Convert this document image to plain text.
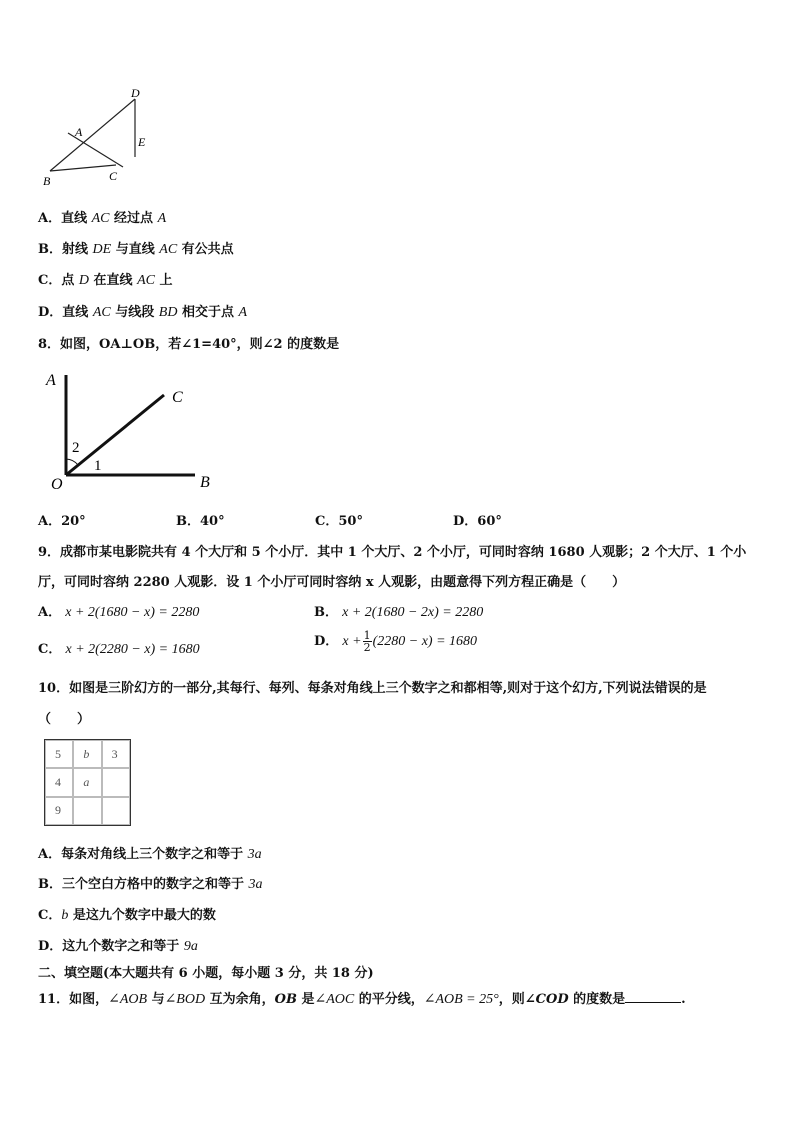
D
A
E
B	C
A．直线 AC 经过点 A
B．射线 DE 与直线 AC 有公共点
C．点 D 在直线 AC 上
D．直线 AC 与线段 BD 相交于点 A
8．如图，OA⊥OB，若∠1=40°，则∠2 的度数是
A
C
2
1
O	B
A．20°	B．40°	C．50°	D．60°
9．成都市某电影院共有 4 个大厅和 5 个小厅．其中 1 个大厅、2 个小厅，可同时容纳 1680 人观影；2 个大厅、1 个小
厅，可同时容纳 2280 人观影．设 1 个小厅可同时容纳 x 人观影，由题意得下列方程正确是（　　）
A． x + 2(1680 − x) = 2280	B． x + 2(1680 − 2x) = 2280
C． x + 2(2280 − x) = 1680
D． $x + \frac{1}{2} (2280 - x) = 1680$
10．如图是三阶幻方的一部分,其每行、每列、每条对角线上三个数字之和都相等,则对于这个幻方,下列说法错误的是
（　　）
5	b	3
4	a
9
A．每条对角线上三个数字之和等于 3a
B．三个空白方格中的数字之和等于 3a
C．b 是这九个数字中最大的数
D．这九个数字之和等于 9a
二、填空题(本大题共有 6 小题，每小题 3 分，共 18 分)
11．如图，∠AOB 与∠BOD 互为余角，OB 是∠AOC 的平分线，∠AOB = 25°，则∠COD 的度数是	.
